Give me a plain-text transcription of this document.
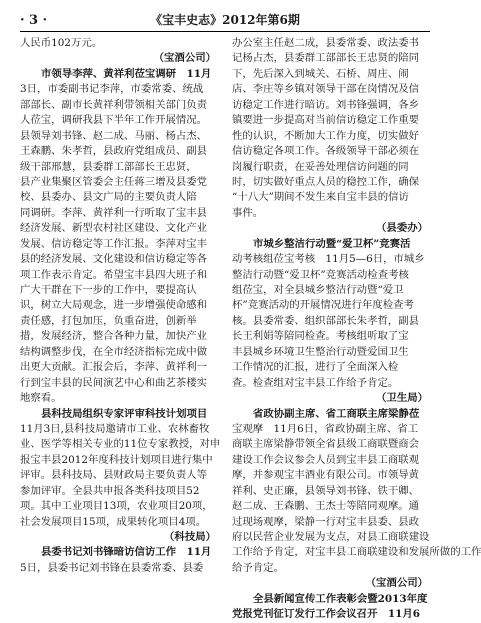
· 3 ·	《宝丰史志》2012年第6期
人民币102万元。
（宝酒公司）
市领导李萍、黄祥利莅宝调研　11月
3日，市委副书记李萍，市委常委、统战
部部长、副市长黄祥利带领相关部门负责
人莅宝，调研我县下半年工作开展情况。
县领导刘书锋、赵二成、马丽、杨占杰、
王森鹏、朱孝哲，县政府党组成员、副县
级干部邢慧，县委群工部部长王忠贤，
县产业集聚区管委会主任蒋三增及县委党
校、县委办、县文广局的主要负责人陪
同调研。李萍、黄祥利一行听取了宝丰县
经济发展、新型农村社区建设、文化产业
发展、信访稳定等工作汇报。李萍对宝丰
县的经济发展、文化建设和信访稳定等各
项工作表示肯定。希望宝丰县四大班子和
广大干群在下一步的工作中，要提高认
识，树立大局观念，进一步增强使命感和
责任感，打包加压，负重奋进，创新举
措，发展经济，整合各种力量，加快产业
结构调整步伐，在全市经济指标完成中做
出更大贡献。汇报会后，李萍、黄祥利一
行到宝丰县的民间演艺中心和曲艺茶楼实
地察看。
县科技局组织专家评审科技计划项目
11月3日,县科技局邀请市工业、农林畜牧
业、医学等相关专业的11位专家教授，对申
报宝丰县2012年度科技计划项目进行集中
评审。县科技局、县财政局主要负责人等
参加评审。全县共申报各类科技项目52
项。其中工业项目13项，农业项目20项，
社会发展项目15项，成果转化项目4项。
（科技局）
县委书记刘书锋暗访信访工作　11月
5日，县委书记刘书锋在县委常委、县委
办公室主任赵二成，县委常委、政法委书
记杨占杰，县委群工部部长王忠贤的陪同
下，先后深入到城关、石桥、周庄、闹
店、李庄等乡镇对领导干部在岗情况及信
访稳定工作进行暗访。刘书锋强调，各乡
镇要进一步提高对当前信访稳定工作重要
性的认识，不断加大工作力度，切实做好
信访稳定各项工作。各级领导干部必须在
岗履行职责，在妥善处理信访问题的同
时，切实做好重点人员的稳控工作，确保
“十八大”期间不发生来自宝丰县的信访
事件。
（县委办）
市城乡整洁行动暨“爱卫杯”竞赛活
动考核组莅宝考核　11月5—6日，市城乡
整洁行动暨“爱卫杯”竞赛活动检查考核
组莅宝，对全县城乡整洁行动暨“爱卫
杯”竞赛活动的开展情况进行年度检查考
核。县委常委、组织部部长朱孝哲，副县
长王利娟等陪同检查。考核组听取了宝
丰县城乡环境卫生整治行动暨爱国卫生
工作情况的汇报，进行了全面深入检
查。检查组对宝丰县工作给予肯定。
（卫生局）
省政协副主席、省工商联主席梁静莅
宝观摩　11月6日，省政协副主席、省工
商联主席梁静带领全省县级工商联暨商会
建设工作会议参会人员到宝丰县工商联观
摩，并参观宝丰酒业有限公司。市领导黄
祥利、史正廉，县领导刘书锋、铁干卿、
赵二成、王森鹏、王杰士等陪同观摩。通
过现场观摩，梁静一行对宝丰县委、县政
府以民营企业发展为支点，对县工商联建设
工作给予肯定，对宝丰县工商联建设和发展所做的工作
给予肯定。
（宝酒公司）
全县新闻宣传工作表彰会暨2013年度
党报党刊征订发行工作会议召开　11月6
